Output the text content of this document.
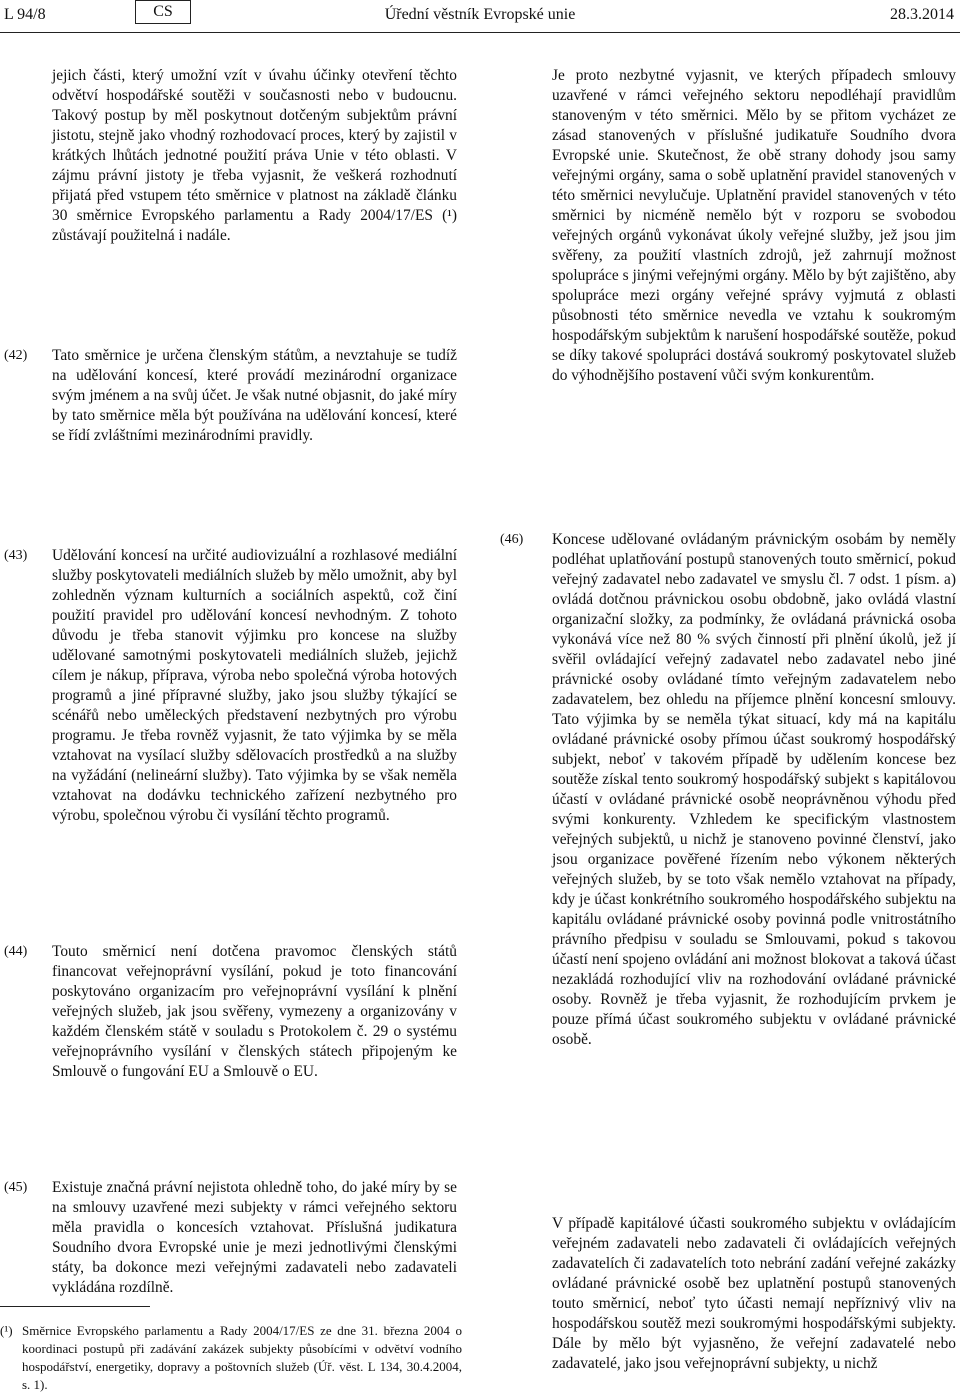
Úřední věstník Evropské unie
L 94/8	CS	28.3.2014

jejich části, který umožní vzít v úvahu účinky otevření těchto odvětví hospodářské soutěži v současnosti nebo v budoucnu. Takový postup by měl poskytnout dotčeným subjektům právní jistotu, stejně jako vhodný rozhodovací proces, který by zajistil v krátkých lhůtách jednotné použití práva Unie v této oblasti. V zájmu právní jistoty je třeba vyjasnit, že veškerá rozhodnutí přijatá před vstupem této směrnice v platnost na základě článku 30 směrnice Evropského parlamentu a Rady 2004/17/ES (¹) zůstávají použitelná i nadále.

Je proto nezbytné vyjasnit, ve kterých případech smlouvy uzavřené v rámci veřejného sektoru nepodléhají pravidlům stanoveným v této směrnici. Mělo by se přitom vycházet ze zásad stanovených v příslušné judikatuře Soudního dvora Evropské unie. Skutečnost, že obě strany dohody jsou samy veřejnými orgány, sama o sobě uplatnění pravidel stanovených v této směrnici nevylučuje. Uplatnění pravidel stanovených v této směrnici by nicméně nemělo být v rozporu se svobodou veřejných orgánů vykonávat úkoly veřejné služby, jež jsou jim svěřeny, za použití vlastních zdrojů, jež zahrnují možnost spolupráce s jinými veřejnými orgány. Mělo by být zajištěno, aby spolupráce mezi orgány veřejné správy vyjmutá z oblasti působnosti této směrnice nevedla ve vztahu k soukromým hospodářským subjektům k narušení hospodářské soutěže, pokud se díky takové spolupráci dostává soukromý poskytovatel služeb do výhodnějšího postavení vůči svým konkurentům.

(42) Tato směrnice je určena členským státům, a nevztahuje se tudíž na udělování koncesí, které provádí mezinárodní organizace svým jménem a na svůj účet. Je však nutné objasnit, do jaké míry by tato směrnice měla být používána na udělování koncesí, které se řídí zvláštními mezinárodními pravidly.

(43) Udělování koncesí na určité audiovizuální a rozhlasové mediální služby poskytovateli mediálních služeb by mělo umožnit, aby byl zohledněn význam kulturních a sociálních aspektů, což činí použití pravidel pro udělování koncesí nevhodným. Z tohoto důvodu je třeba stanovit výjimku pro koncese na služby udělované samotnými poskytovateli mediálních služeb, jejichž cílem je nákup, příprava, výroba nebo společná výroba hotových programů a jiné přípravné služby, jako jsou služby týkající se scénářů nebo uměleckých představení nezbytných pro výrobu programu. Je třeba rovněž vyjasnit, že tato výjimka by se měla vztahovat na vysílací služby sdělovacích prostředků a na služby na vyžádání (nelineární služby). Tato výjimka by se však neměla vztahovat na dodávku technického zařízení nezbytného pro výrobu, společnou výrobu či vysílání těchto programů.

(44) Touto směrnicí není dotčena pravomoc členských států financovat veřejnoprávní vysílání, pokud je toto financování poskytováno organizacím pro veřejnoprávní vysílání k plnění veřejných služeb, jak jsou svěřeny, vymezeny a organizovány v každém členském státě v souladu s Protokolem č. 29 o systému veřejnoprávního vysílání v členských státech připojeným ke Smlouvě o fungování EU a Smlouvě o EU.

(45) Existuje značná právní nejistota ohledně toho, do jaké míry by se na smlouvy uzavřené mezi subjekty v rámci veřejného sektoru měla pravidla o koncesích vztahovat. Příslušná judikatura Soudního dvora Evropské unie je mezi jednotlivými členskými státy, ba dokonce mezi veřejnými zadavateli nebo zadavateli vykládána rozdílně.

(46) Koncese udělované ovládaným právnickým osobám by neměly podléhat uplatňování postupů stanovených touto směrnicí, pokud veřejný zadavatel nebo zadavatel ve smyslu čl. 7 odst. 1 písm. a) ovládá dotčnou právnickou osobu obdobně, jako ovládá vlastní organizační složky, za podmínky, že ovládaná právnická osoba vykonává více než 80 % svých činností při plnění úkolů, jež jí svěřil ovládající veřejný zadavatel nebo zadavatel nebo jiné právnické osoby ovládané tímto veřejným zadavatelem nebo zadavatelem, bez ohledu na příjemce plnění koncesní smlouvy. Tato výjimka by se neměla týkat situací, kdy má na kapitálu ovládané právnické osoby přímou účast soukromý hospodářský subjekt, neboť v takovém případě by udělením koncese bez soutěže získal tento soukromý hospodářský subjekt s kapitálovou účastí v ovládané právnické osobě neoprávněnou výhodu před svými konkurenty. Vzhledem ke specifickým vlastnostem veřejných subjektů, u nichž je stanoveno povinné členství, jako jsou organizace pověřené řízením nebo výkonem některých veřejných služeb, by se toto však nemělo vztahovat na případy, kdy je účast konkrétního soukromého hospodářského subjektu na kapitálu ovládané právnické osoby povinná podle vnitrostátního právního předpisu v souladu se Smlouvami, pokud s takovou účastí není spojeno ovládání ani možnost blokovat a taková účast nezakládá rozhodující vliv na rozhodování ovládané právnické osoby. Rovněž je třeba vyjasnit, že rozhodujícím prvkem je pouze přímá účast soukromého subjektu v ovládané právnické osobě.

V případě kapitálové účasti soukromého subjektu v ovládajícím veřejném zadavateli nebo zadavateli či ovládajících veřejných zadavatelích či zadavatelích toto nebrání zadání veřejné zakázky ovládané právnické osobě bez uplatnění postupů stanovených touto směrnicí, neboť tyto účasti nemají nepříznivý vliv na hospodářskou soutěž mezi soukromými hospodářskými subjekty. Dále by mělo být vyjasněno, že veřejní zadavatelé nebo zadavatelé, jako jsou veřejnoprávní subjekty, u nichž

(¹) Směrnice Evropského parlamentu a Rady 2004/17/ES ze dne 31. března 2004 o koordinaci postupů při zadávání zakázek subjekty působícími v odvětví vodního hospodářství, energetiky, dopravy a poštovních služeb (Úř. věst. L 134, 30.4.2004, s. 1).
